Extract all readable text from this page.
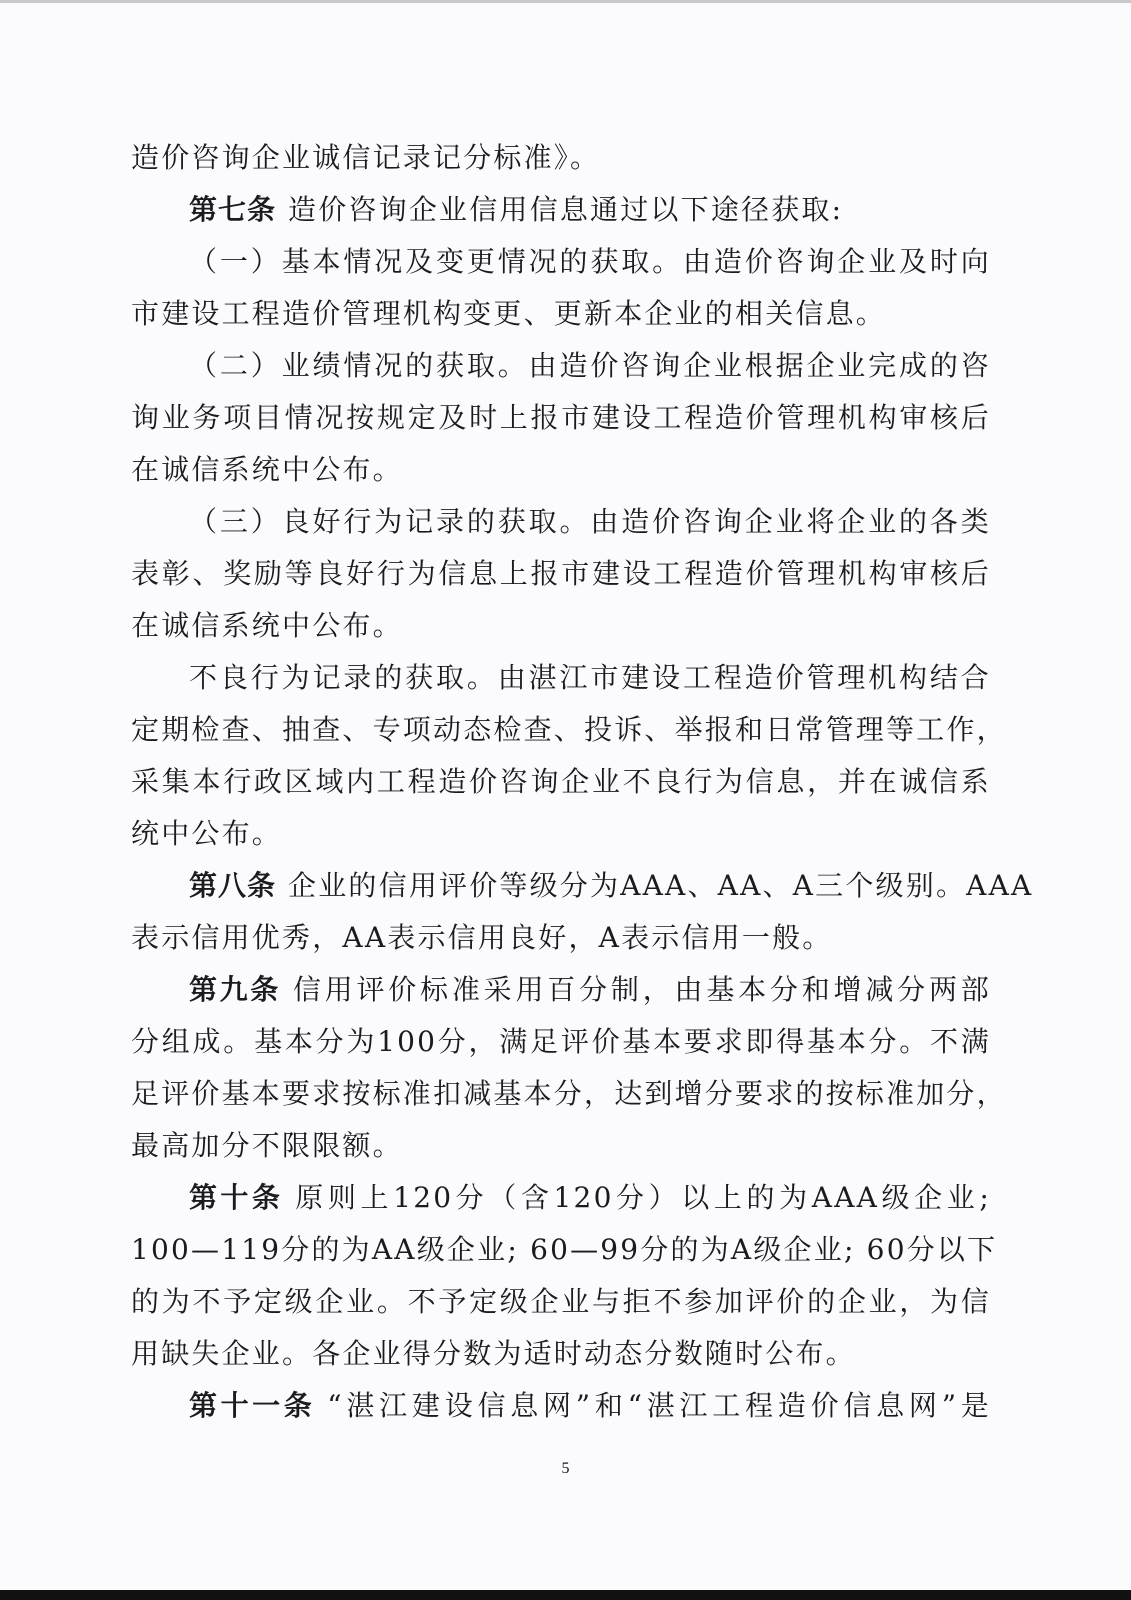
造价咨询企业诚信记录记分标准》。
第七条 造价咨询企业信用信息通过以下途径获取:
（一）基本情况及变更情况的获取。由造价咨询企业及时向
市建设工程造价管理机构变更、更新本企业的相关信息。
（二）业绩情况的获取。由造价咨询企业根据企业完成的咨
询业务项目情况按规定及时上报市建设工程造价管理机构审核后
在诚信系统中公布。
（三）良好行为记录的获取。由造价咨询企业将企业的各类
表彰、奖励等良好行为信息上报市建设工程造价管理机构审核后
在诚信系统中公布。
不良行为记录的获取。由湛江市建设工程造价管理机构结合
定期检查、抽查、专项动态检查、投诉、举报和日常管理等工作，
采集本行政区域内工程造价咨询企业不良行为信息，并在诚信系
统中公布。
第八条 企业的信用评价等级分为AAA、AA、A三个级别。AAA
表示信用优秀，AA表示信用良好，A表示信用一般。
第九条 信用评价标准采用百分制，由基本分和增减分两部
分组成。基本分为100分，满足评价基本要求即得基本分。不满
足评价基本要求按标准扣减基本分，达到增分要求的按标准加分，
最高加分不限限额。
第十条 原则上120分（含120分）以上的为AAA级企业;
100—119分的为AA级企业; 60—99分的为A级企业; 60分以下
的为不予定级企业。不予定级企业与拒不参加评价的企业，为信
用缺失企业。各企业得分数为适时动态分数随时公布。
第十一条 “湛江建设信息网”和“湛江工程造价信息网”是
5
